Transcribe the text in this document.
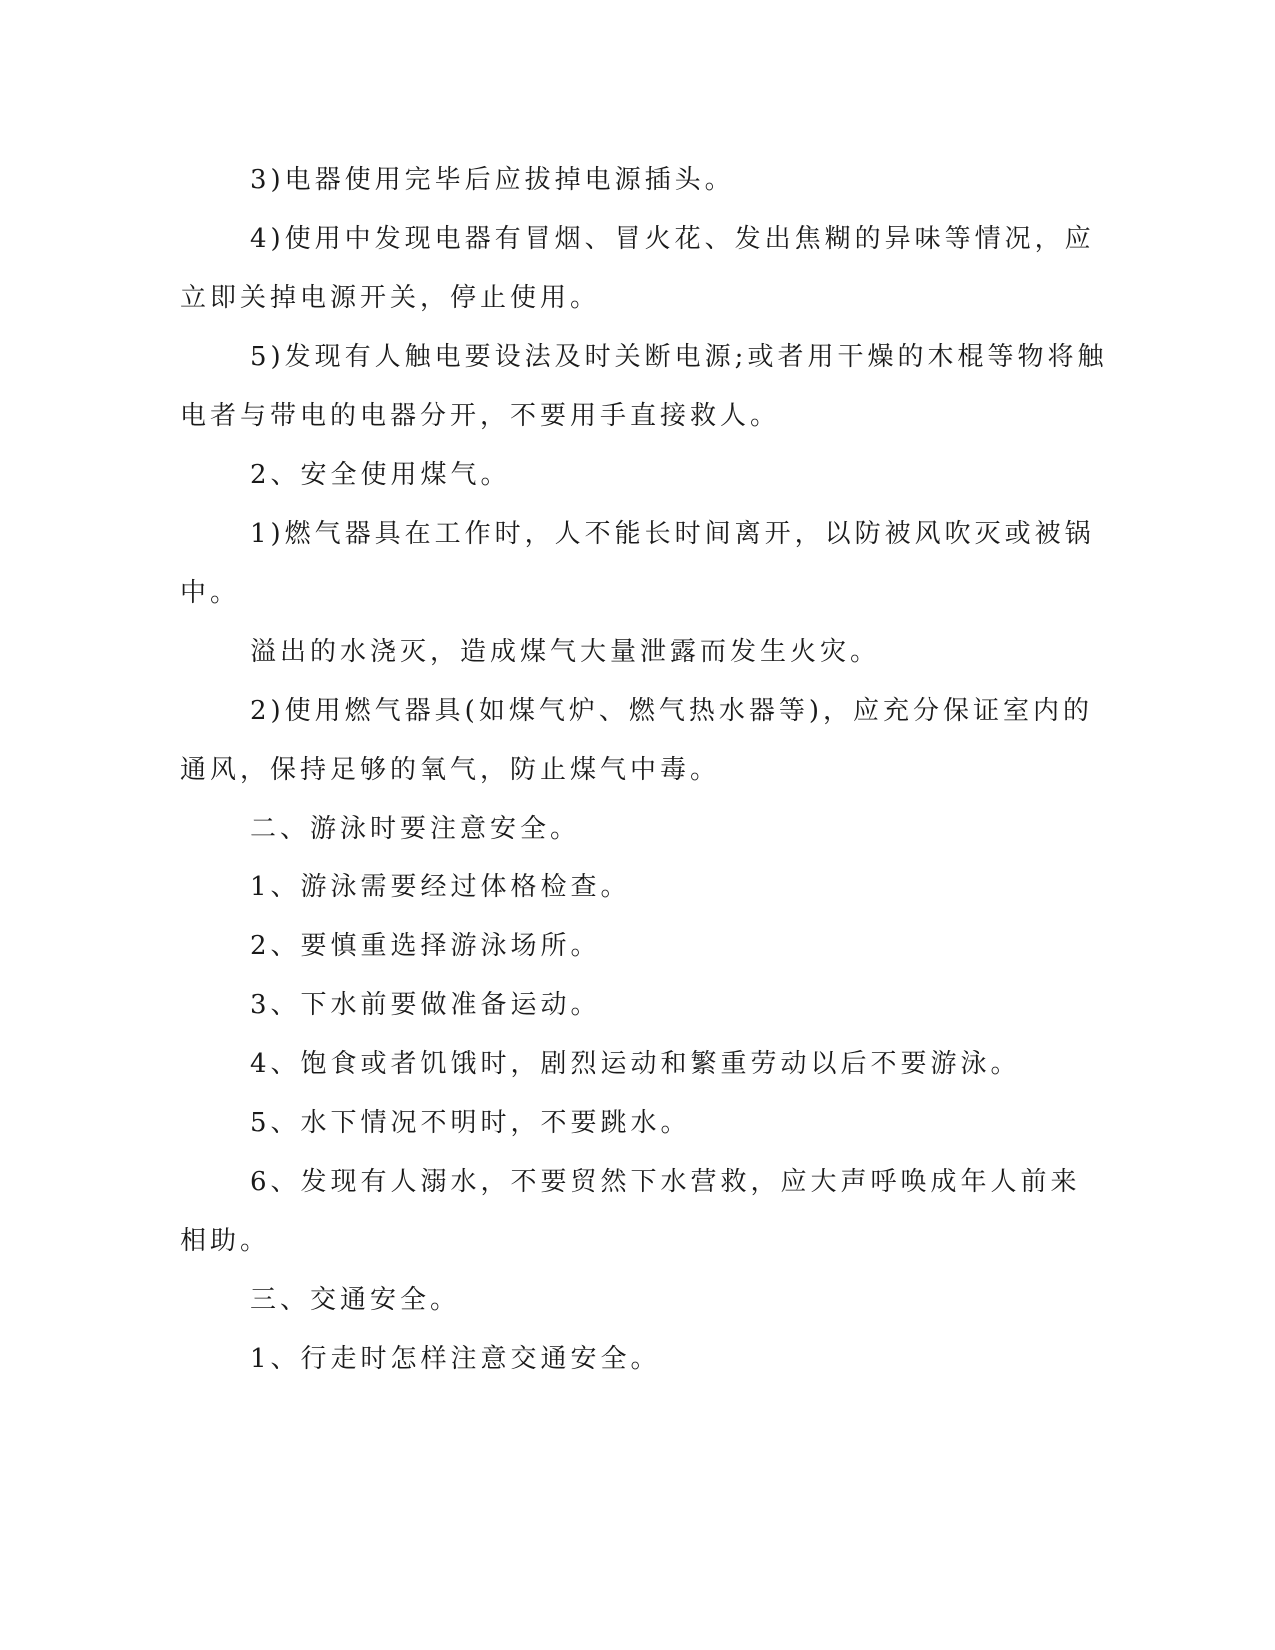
3)电器使用完毕后应拔掉电源插头。

4)使用中发现电器有冒烟、冒火花、发出焦糊的异味等情况，应

立即关掉电源开关，停止使用。

5)发现有人触电要设法及时关断电源;或者用干燥的木棍等物将触

电者与带电的电器分开，不要用手直接救人。

2、安全使用煤气。

1)燃气器具在工作时，人不能长时间离开，以防被风吹灭或被锅

中。

溢出的水浇灭，造成煤气大量泄露而发生火灾。

2)使用燃气器具(如煤气炉、燃气热水器等)，应充分保证室内的

通风，保持足够的氧气，防止煤气中毒。

二、游泳时要注意安全。

1、游泳需要经过体格检查。

2、要慎重选择游泳场所。

3、下水前要做准备运动。

4、饱食或者饥饿时，剧烈运动和繁重劳动以后不要游泳。

5、水下情况不明时，不要跳水。

6、发现有人溺水，不要贸然下水营救，应大声呼唤成年人前来

相助。

三、交通安全。

1、行走时怎样注意交通安全。
